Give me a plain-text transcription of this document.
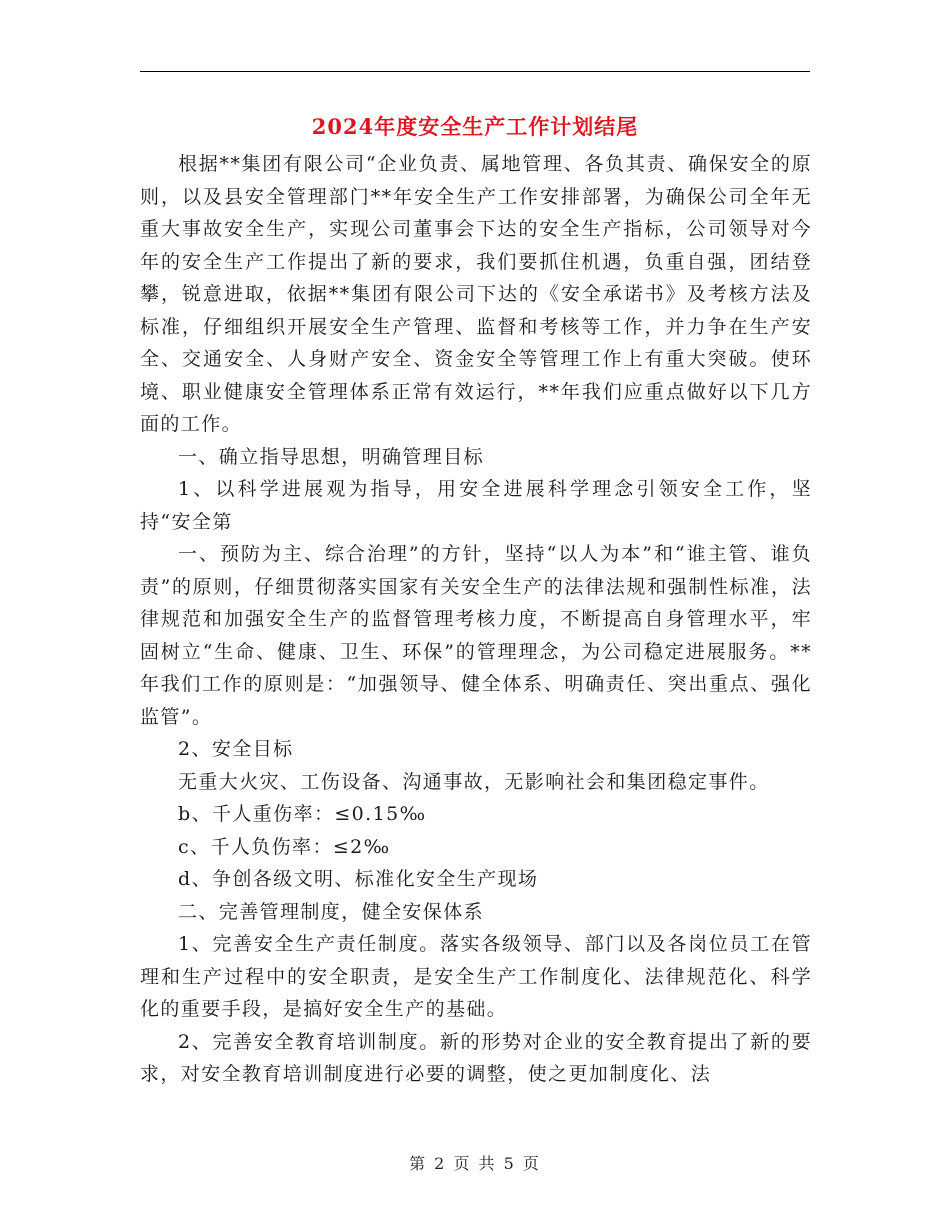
2024年度安全生产工作计划结尾

根据**集团有限公司“企业负责、属地管理、各负其责、确保安全的原则，以及县安全管理部门**年安全生产工作安排部署，为确保公司全年无重大事故安全生产，实现公司董事会下达的安全生产指标，公司领导对今年的安全生产工作提出了新的要求，我们要抓住机遇，负重自强，团结登攀，锐意进取，依据**集团有限公司下达的《安全承诺书》及考核方法及标准，仔细组织开展安全生产管理、监督和考核等工作，并力争在生产安全、交通安全、人身财产安全、资金安全等管理工作上有重大突破。使环境、职业健康安全管理体系正常有效运行，**年我们应重点做好以下几方面的工作。

一、确立指导思想，明确管理目标

1、以科学进展观为指导，用安全进展科学理念引领安全工作，坚持“安全第

一、预防为主、综合治理”的方针，坚持“以人为本”和“谁主管、谁负责”的原则，仔细贯彻落实国家有关安全生产的法律法规和强制性标准，法律规范和加强安全生产的监督管理考核力度，不断提高自身管理水平，牢固树立“生命、健康、卫生、环保”的管理理念，为公司稳定进展服务。**年我们工作的原则是：“加强领导、健全体系、明确责任、突出重点、强化监管”。

2、安全目标

无重大火灾、工伤设备、沟通事故，无影响社会和集团稳定事件。

b、千人重伤率：≤0.15‰

c、千人负伤率：≤2‰

d、争创各级文明、标准化安全生产现场

二、完善管理制度，健全安保体系

1、完善安全生产责任制度。落实各级领导、部门以及各岗位员工在管理和生产过程中的安全职责，是安全生产工作制度化、法律规范化、科学化的重要手段，是搞好安全生产的基础。

2、完善安全教育培训制度。新的形势对企业的安全教育提出了新的要求，对安全教育培训制度进行必要的调整，使之更加制度化、法

第 2 页 共 5 页
